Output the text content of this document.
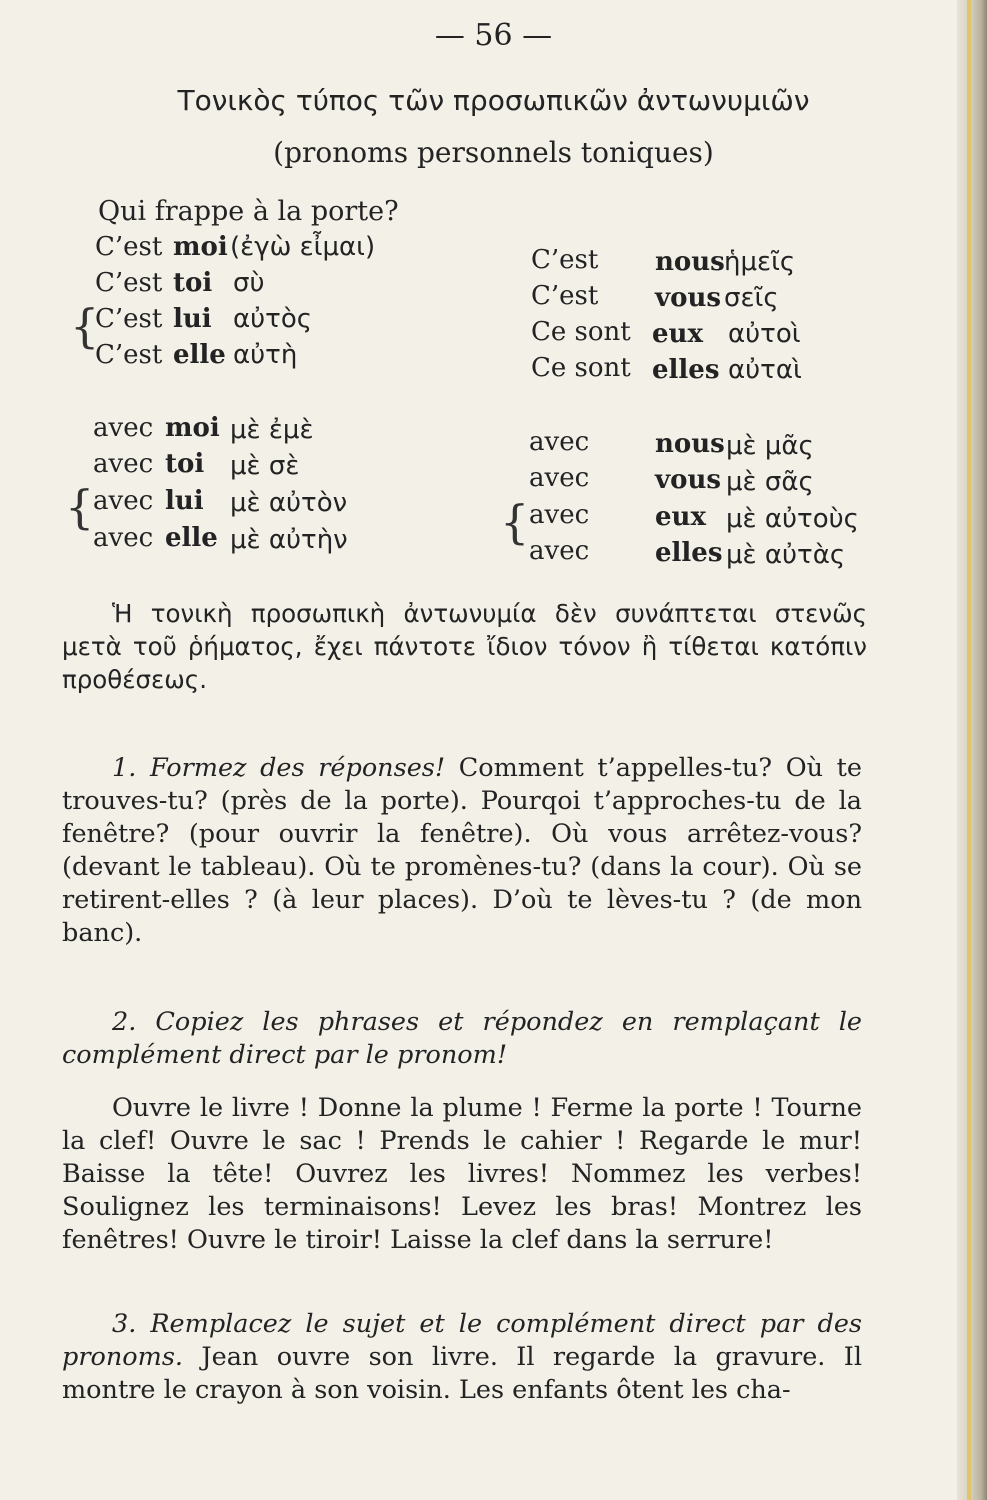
— 56 —
Τονικὸς τύπος τῶν προσωπικῶν ἀντωνυμιῶν
(pronoms personnels toniques)
Qui frappe à la porte?
C’est moi (ἐγὼ εἶμαι)
C’est toi σὺ
{
C’est lui αὐτὸς
C’est elle αὐτὴ
C’est nous ἡμεῖς
C’est vous σεῖς
Ce sont eux αὐτοὶ
Ce sont elles αὐταὶ
avec moi μὲ ἐμὲ
avec toi μὲ σὲ
{
avec lui μὲ αὐτὸν
avec elle μὲ αὐτὴν
avec	nous μὲ μᾶς
avec	vous μὲ σᾶς
{ avec	eux μὲ αὐτοὺς
avec	elles μὲ αὐτὰς
Ἡ τονικὴ προσωπικὴ ἀντωνυμία δὲν συνάπτεται στενῶς μετὰ τοῦ ῥήματος, ἔχει πάντοτε ἴδιον τόνον ἢ τίθεται κατόπιν προθέσεως.
1. Formez des réponses! Comment t’appelles-tu? Où te trouves-tu? (près de la porte). Pourqoi t’approches-tu de la fenêtre? (pour ouvrir la fenêtre). Où vous arrêtez-vous? (devant le tableau). Où te promènes-tu? (dans la cour). Où se retirent-elles ? (à leur places). D’où te lèves-tu ? (de mon banc).
2. Copiez les phrases et répondez en remplaçant le complément direct par le pronom!
Ouvre le livre ! Donne la plume ! Ferme la porte ! Tourne la clef! Ouvre le sac ! Prends le cahier ! Regarde le mur! Baisse la tête! Ouvrez les livres! Nommez les verbes! Soulignez les terminaisons! Levez les bras! Montrez les fenêtres! Ouvre le tiroir! Laisse la clef dans la serrure!
3. Remplacez le sujet et le complément direct par des pronoms. Jean ouvre son livre. Il regarde la gravure. Il montre le crayon à son voisin. Les enfants ôtent les cha-
